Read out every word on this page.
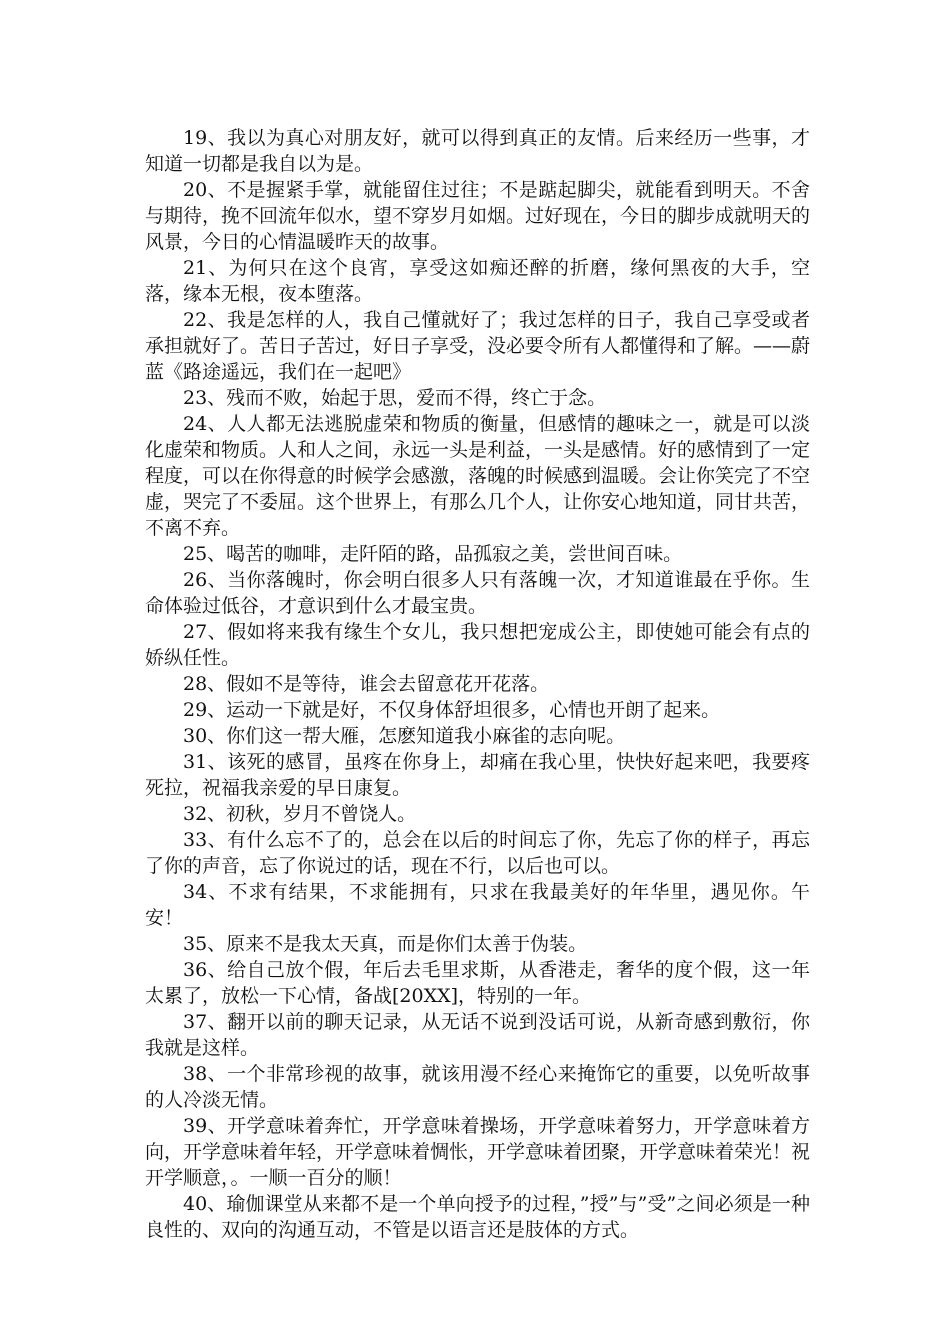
19、我以为真心对朋友好，就可以得到真正的友情。后来经历一些事，才知道一切都是我自以为是。

20、不是握紧手掌，就能留住过往；不是踮起脚尖，就能看到明天。不舍与期待，挽不回流年似水，望不穿岁月如烟。过好现在，今日的脚步成就明天的风景，今日的心情温暖昨天的故事。

21、为何只在这个良宵，享受这如痴还醉的折磨，缘何黑夜的大手，空落，缘本无根，夜本堕落。

22、我是怎样的人，我自己懂就好了；我过怎样的日子，我自己享受或者承担就好了。苦日子苦过，好日子享受，没必要令所有人都懂得和了解。——蔚蓝《路途遥远，我们在一起吧》

23、残而不败，始起于思，爱而不得，终亡于念。

24、人人都无法逃脱虚荣和物质的衡量，但感情的趣味之一，就是可以淡化虚荣和物质。人和人之间，永远一头是利益，一头是感情。好的感情到了一定程度，可以在你得意的时候学会感激，落魄的时候感到温暖。会让你笑完了不空虚，哭完了不委屈。这个世界上，有那么几个人，让你安心地知道，同甘共苦，不离不弃。

25、喝苦的咖啡，走阡陌的路，品孤寂之美，尝世间百味。

26、当你落魄时，你会明白很多人只有落魄一次，才知道谁最在乎你。生命体验过低谷，才意识到什么才最宝贵。

27、假如将来我有缘生个女儿，我只想把宠成公主，即使她可能会有点的娇纵任性。

28、假如不是等待，谁会去留意花开花落。

29、运动一下就是好，不仅身体舒坦很多，心情也开朗了起来。

30、你们这一帮大雁，怎麽知道我小麻雀的志向呢。

31、该死的感冒，虽疼在你身上，却痛在我心里，快快好起来吧，我要疼死拉，祝福我亲爱的早日康复。

32、初秋，岁月不曾饶人。

33、有什么忘不了的，总会在以后的时间忘了你，先忘了你的样子，再忘了你的声音，忘了你说过的话，现在不行，以后也可以。

34、不求有结果，不求能拥有，只求在我最美好的年华里，遇见你。午安！

35、原来不是我太天真，而是你们太善于伪装。

36、给自己放个假，年后去毛里求斯，从香港走，奢华的度个假，这一年太累了，放松一下心情，备战[20XX]，特别的一年。

37、翻开以前的聊天记录，从无话不说到没话可说，从新奇感到敷衍，你我就是这样。

38、一个非常珍视的故事，就该用漫不经心来掩饰它的重要，以免听故事的人冷淡无情。

39、开学意味着奔忙，开学意味着操场，开学意味着努力，开学意味着方向，开学意味着年轻，开学意味着惆怅，开学意味着团聚，开学意味着荣光！祝开学顺意，。一顺一百分的顺！

40、瑜伽课堂从来都不是一个单向授予的过程，”授”与”受”之间必须是一种良性的、双向的沟通互动，不管是以语言还是肢体的方式。
